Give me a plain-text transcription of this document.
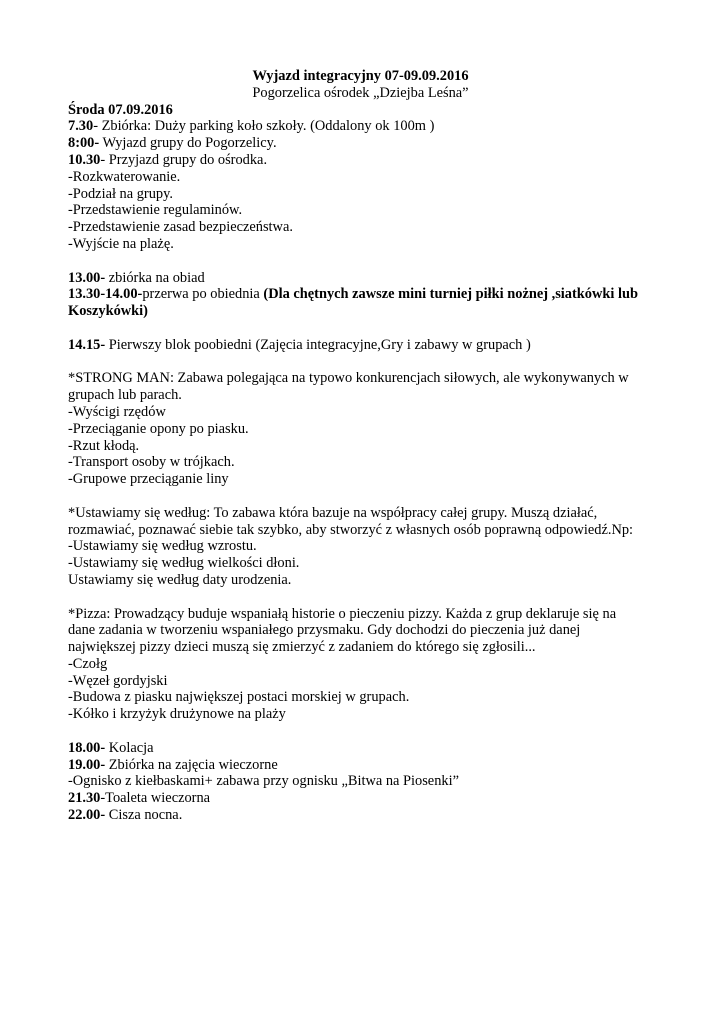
Wyjazd integracyjny 07-09.09.2016
Pogorzelica ośrodek „Dziejba Leśna”
Środa 07.09.2016
7.30- Zbiórka: Duży parking koło szkoły. (Oddalony ok 100m )
8:00- Wyjazd grupy do Pogorzelicy.
10.30- Przyjazd grupy do ośrodka.
-Rozkwaterowanie.
-Podział na grupy.
-Przedstawienie regulaminów.
-Przedstawienie zasad bezpieczeństwa.
-Wyjście na plażę.
13.00- zbiórka na obiad
13.30-14.00-przerwa po obiednia (Dla chętnych zawsze mini turniej piłki nożnej ,siatkówki lub Koszykówki)
14.15- Pierwszy blok poobiedni (Zajęcia integracyjne,Gry i zabawy w grupach )
*STRONG MAN: Zabawa polegająca na typowo konkurencjach siłowych, ale wykonywanych w
grupach lub parach.
-Wyścigi rzędów
-Przeciąganie opony po piasku.
-Rzut kłodą.
-Transport osoby w trójkach.
-Grupowe przeciąganie liny
*Ustawiamy się według: To zabawa która bazuje na współpracy całej grupy. Muszą działać,
rozmawiać, poznawać siebie tak szybko, aby stworzyć z własnych osób poprawną odpowiedź.Np:
-Ustawiamy się według wzrostu.
-Ustawiamy się według wielkości dłoni.
Ustawiamy się według daty urodzenia.
*Pizza: Prowadzący buduje wspaniałą historie o pieczeniu pizzy. Każda z grup deklaruje się na
dane zadania w tworzeniu wspaniałego przysmaku. Gdy dochodzi do pieczenia już danej
największej pizzy dzieci muszą się zmierzyć z zadaniem do którego się zgłosili...
-Czołg
-Węzeł gordyjski
-Budowa z piasku największej postaci morskiej w grupach.
-Kółko i krzyżyk drużynowe na plaży
18.00- Kolacja
19.00- Zbiórka na zajęcia wieczorne
-Ognisko z kiełbaskami+ zabawa przy ognisku „Bitwa na Piosenki”
21.30-Toaleta wieczorna
22.00- Cisza nocna.
